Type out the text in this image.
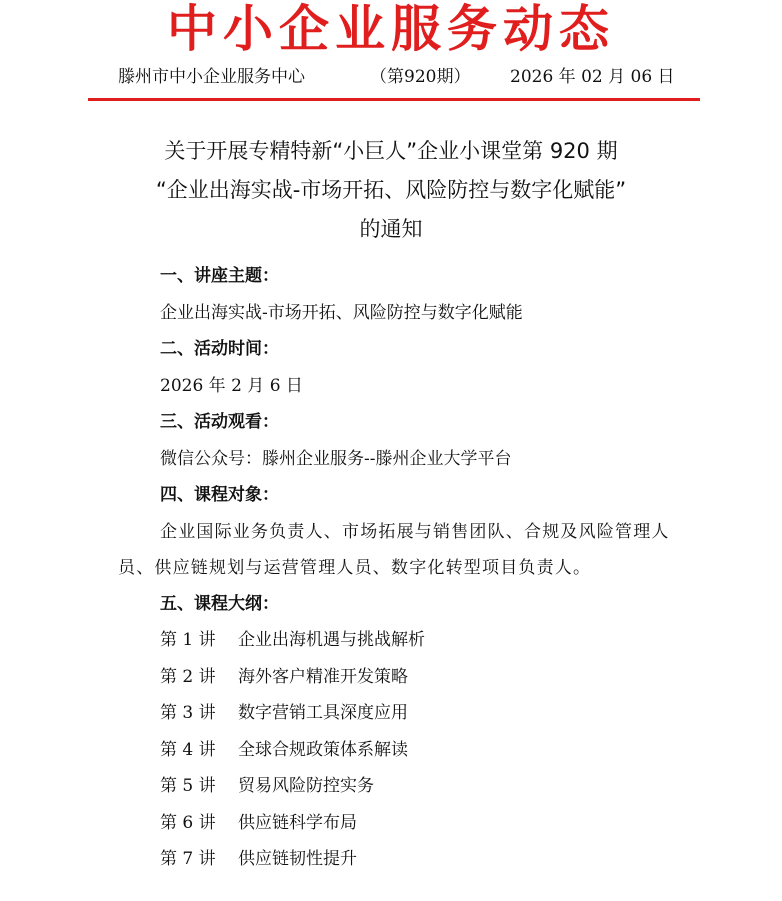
中小企业服务动态
滕州市中小企业服务中心	（第920期） 2026 年 02 月 06 日
关于开展专精特新“小巨人”企业小课堂第 920 期
“企业出海实战-市场开拓、风险防控与数字化赋能”
的通知
一、讲座主题：
企业出海实战-市场开拓、风险防控与数字化赋能
二、活动时间：
2026 年 2 月 6 日
三、活动观看：
微信公众号：滕州企业服务--滕州企业大学平台
四、课程对象：
企业国际业务负责人、市场拓展与销售团队、合规及风险管理人员、供应链规划与运营管理人员、数字化转型项目负责人。
五、课程大纲：
第 1 讲 企业出海机遇与挑战解析
第 2 讲 海外客户精准开发策略
第 3 讲 数字营销工具深度应用
第 4 讲 全球合规政策体系解读
第 5 讲 贸易风险防控实务
第 6 讲 供应链科学布局
第 7 讲 供应链韧性提升
